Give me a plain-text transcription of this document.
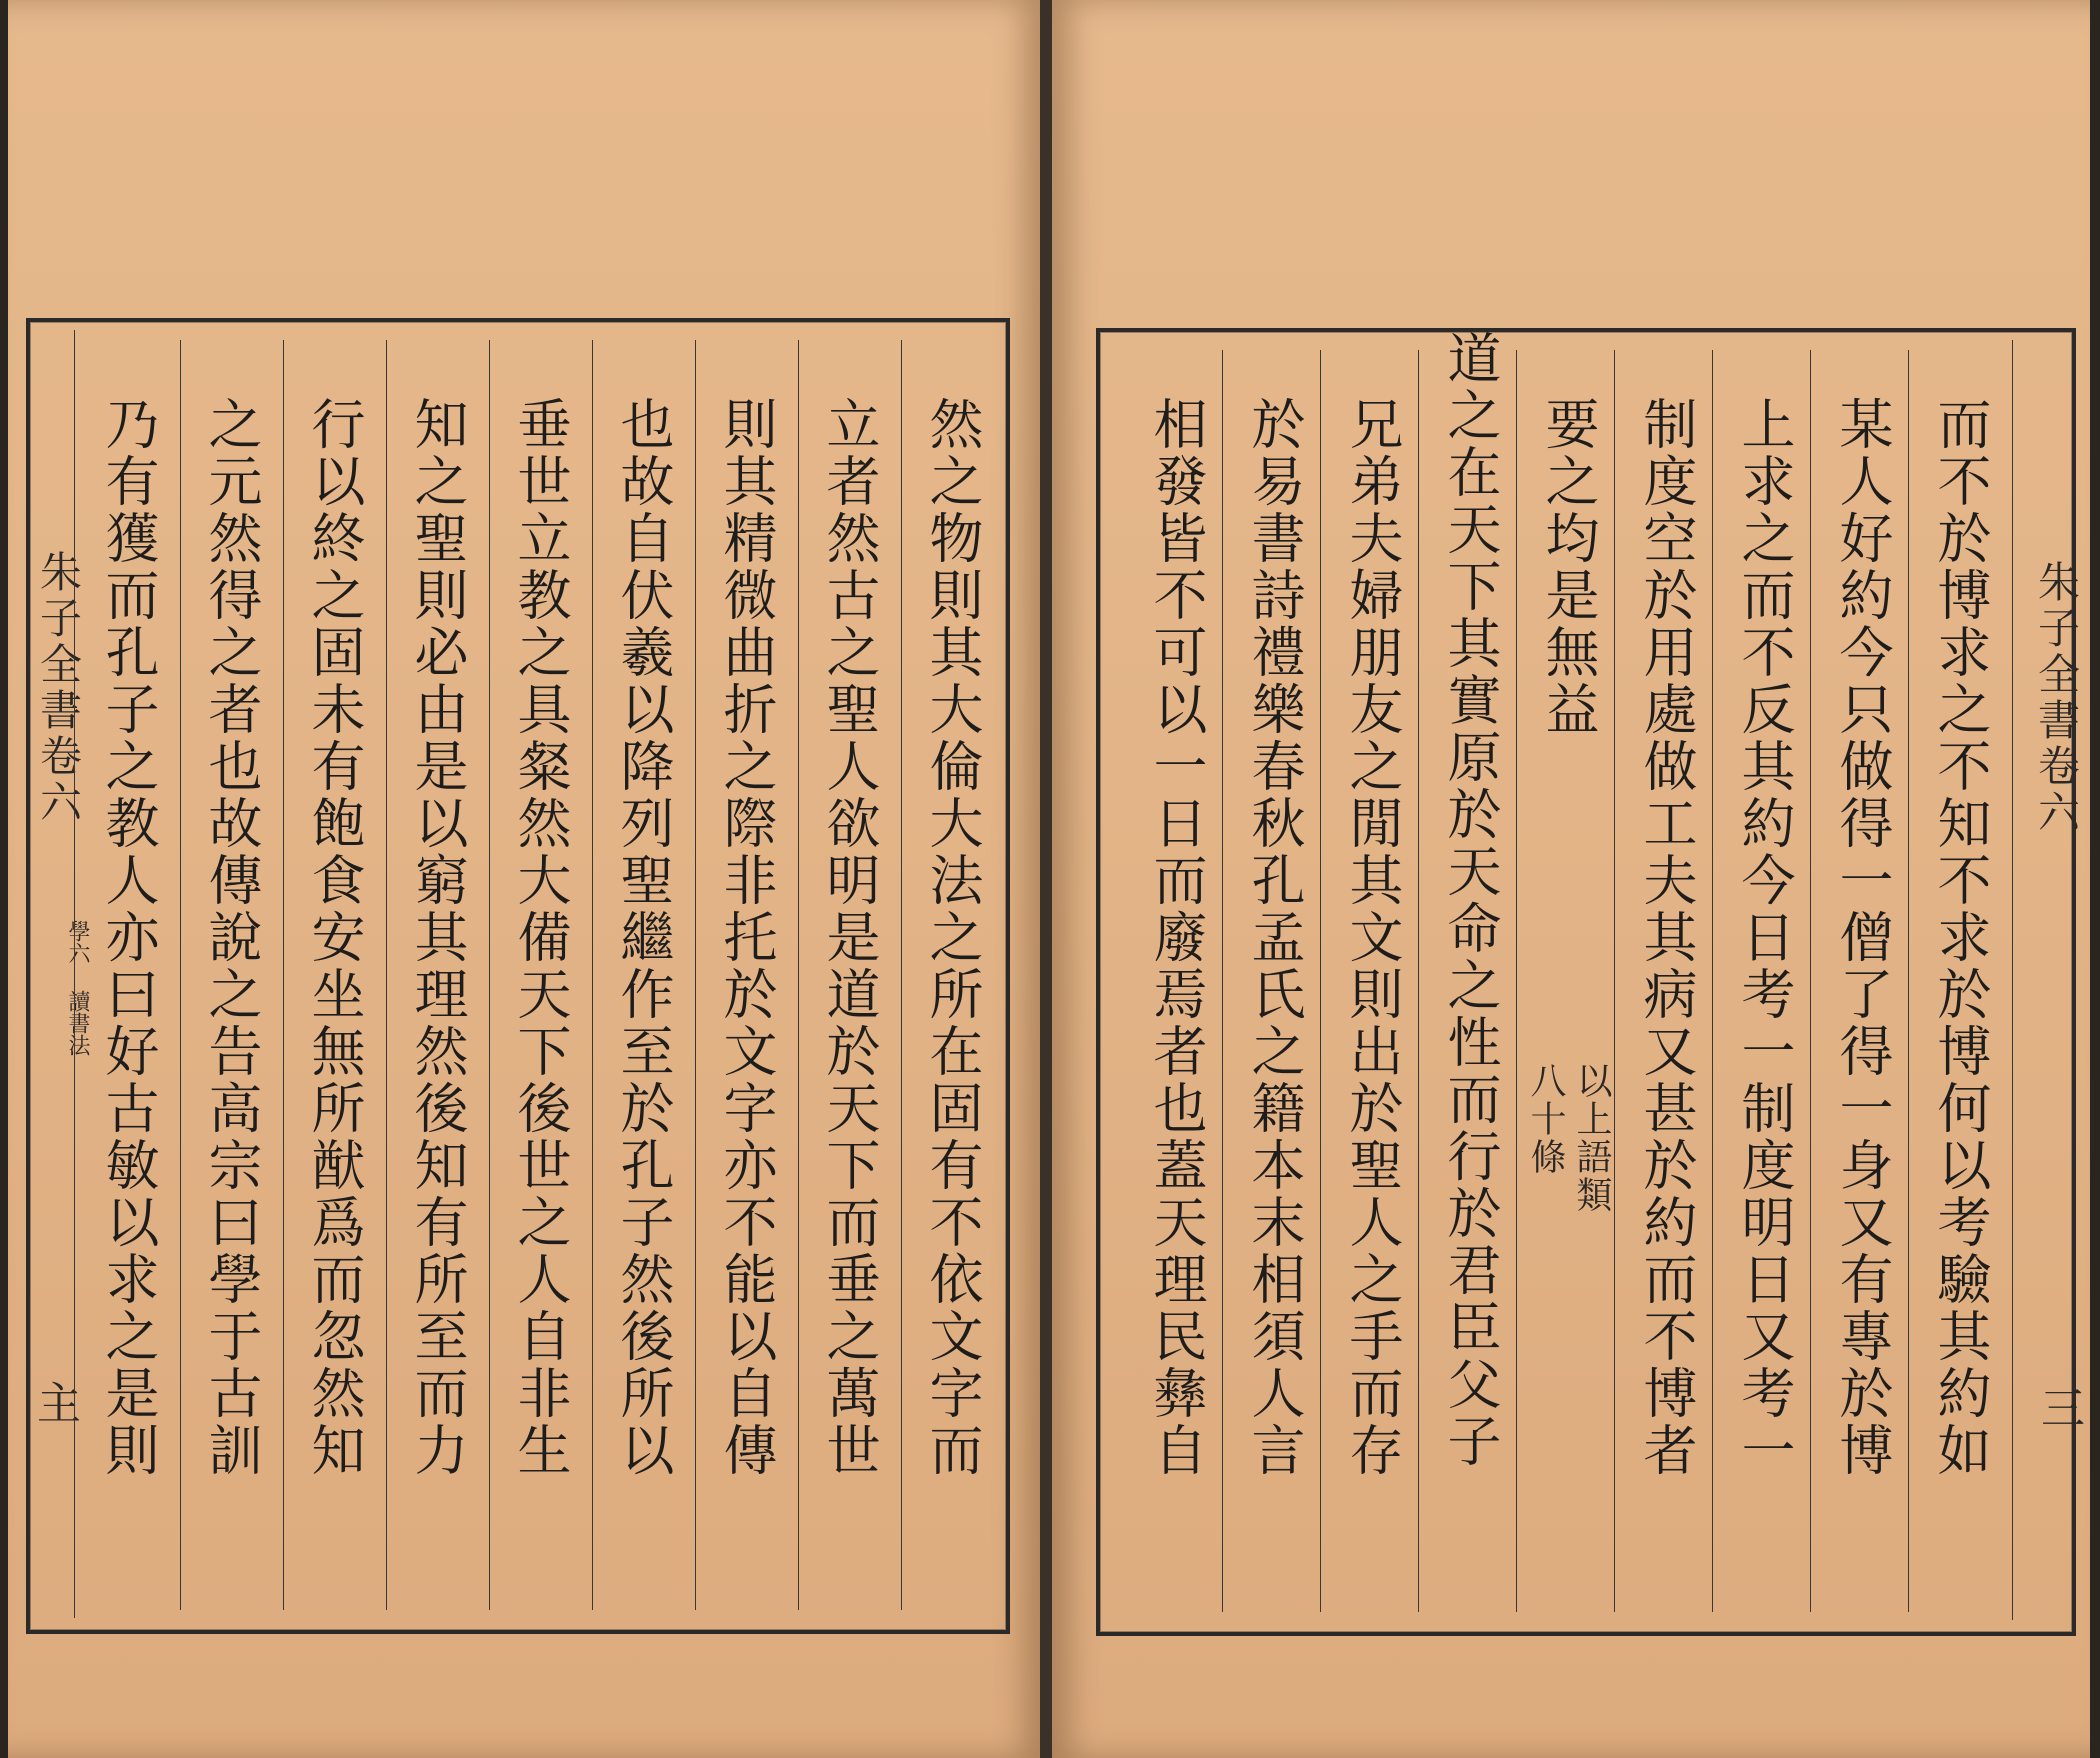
朱子全書卷六
學六
讀書法
主	然之物則其大倫大法之所在固有不依文字而
立者然古之聖人欲明是道於天下而垂之萬世
則其精微曲折之際非托於文字亦不能以自傳
也故自伏羲以降列聖繼作至於孔子然後所以
垂世立教之具粲然大備天下後世之人自非生
知之聖則必由是以窮其理然後知有所至而力
行以終之固未有飽食安坐無所猷爲而忽然知
之元然得之者也故傳說之告高宗曰學于古訓
乃有獲而孔子之教人亦曰好古敏以求之是則	朱子全書卷六
三
而不於博求之不知不求於博何以考驗其約如
某人好約今只做得一僧了得一身又有專於博
上求之而不反其約今日考一制度明日又考一
制度空於用處做工夫其病又甚於約而不博者
要之均是無益
以上語類
八十條
道之在天下其實原於天命之性而行於君臣父子
兄弟夫婦朋友之閒其文則出於聖人之手而存
於易書詩禮樂春秋孔孟氏之籍本末相須人言
相發皆不可以一日而廢焉者也蓋天理民彝自
